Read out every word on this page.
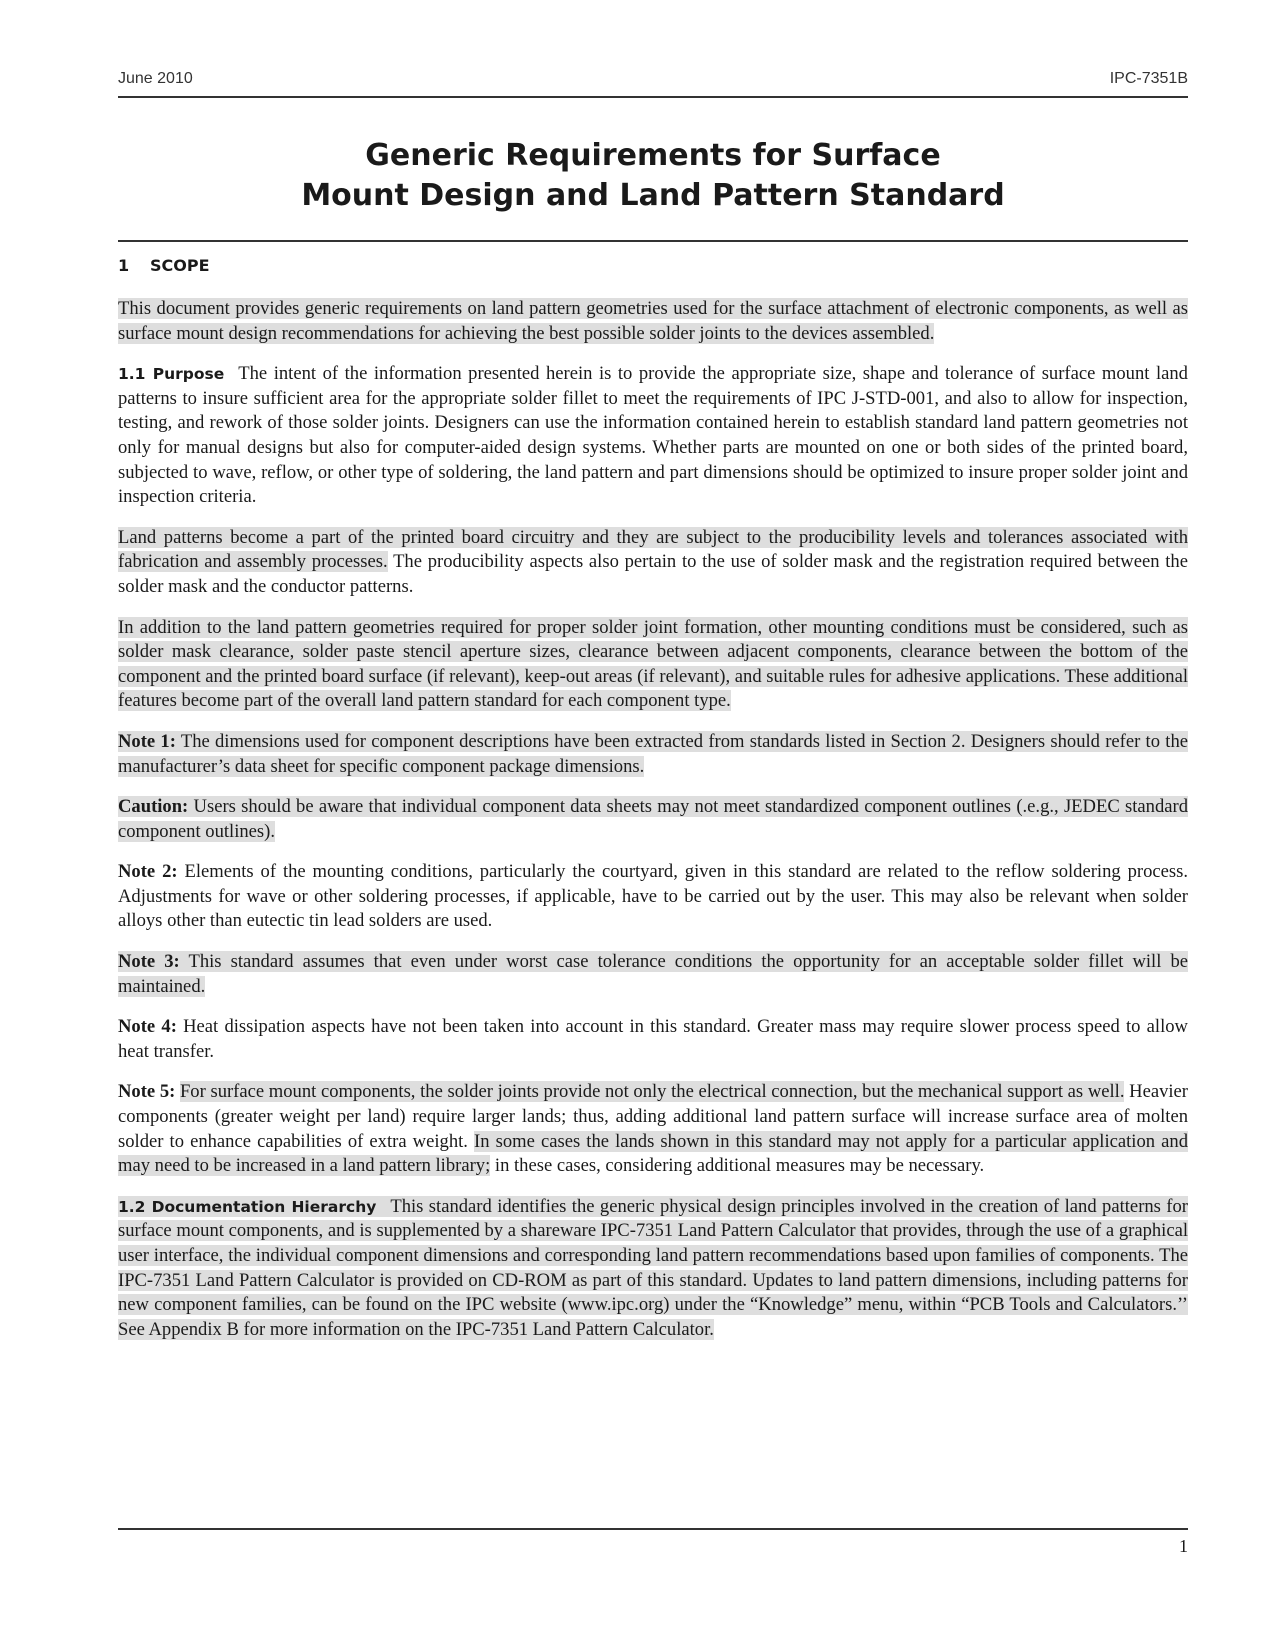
June 2010	IPC-7351B
Generic Requirements for Surface
Mount Design and Land Pattern Standard
1 SCOPE

This document provides generic requirements on land pattern geometries used for the surface attachment of electronic components, as well as surface mount design recommendations for achieving the best possible solder joints to the devices assembled.

1.1 Purpose The intent of the information presented herein is to provide the appropriate size, shape and tolerance of surface mount land patterns to insure sufficient area for the appropriate solder fillet to meet the requirements of IPC J-STD-001, and also to allow for inspection, testing, and rework of those solder joints. Designers can use the information contained herein to establish standard land pattern geometries not only for manual designs but also for computer-aided design systems. Whether parts are mounted on one or both sides of the printed board, subjected to wave, reflow, or other type of soldering, the land pattern and part dimensions should be optimized to insure proper solder joint and inspection criteria.

Land patterns become a part of the printed board circuitry and they are subject to the producibility levels and tolerances associated with fabrication and assembly processes. The producibility aspects also pertain to the use of solder mask and the registration required between the solder mask and the conductor patterns.

In addition to the land pattern geometries required for proper solder joint formation, other mounting conditions must be considered, such as solder mask clearance, solder paste stencil aperture sizes, clearance between adjacent components, clearance between the bottom of the component and the printed board surface (if relevant), keep-out areas (if relevant), and suitable rules for adhesive applications. These additional features become part of the overall land pattern standard for each component type.

Note 1: The dimensions used for component descriptions have been extracted from standards listed in Section 2. Designers should refer to the manufacturer’s data sheet for specific component package dimensions.

Caution: Users should be aware that individual component data sheets may not meet standardized component outlines (.e.g., JEDEC standard component outlines).

Note 2: Elements of the mounting conditions, particularly the courtyard, given in this standard are related to the reflow soldering process. Adjustments for wave or other soldering processes, if applicable, have to be carried out by the user. This may also be relevant when solder alloys other than eutectic tin lead solders are used.

Note 3: This standard assumes that even under worst case tolerance conditions the opportunity for an acceptable solder fillet will be maintained.

Note 4: Heat dissipation aspects have not been taken into account in this standard. Greater mass may require slower process speed to allow heat transfer.

Note 5: For surface mount components, the solder joints provide not only the electrical connection, but the mechanical support as well. Heavier components (greater weight per land) require larger lands; thus, adding additional land pattern surface will increase surface area of molten solder to enhance capabilities of extra weight. In some cases the lands shown in this standard may not apply for a particular application and may need to be increased in a land pattern library; in these cases, considering additional measures may be necessary.

1.2 Documentation Hierarchy This standard identifies the generic physical design principles involved in the creation of land patterns for surface mount components, and is supplemented by a shareware IPC-7351 Land Pattern Calculator that provides, through the use of a graphical user interface, the individual component dimensions and corresponding land pattern recommendations based upon families of components. The IPC-7351 Land Pattern Calculator is provided on CD-ROM as part of this standard. Updates to land pattern dimensions, including patterns for new component families, can be found on the IPC website (www.ipc.org) under the “Knowledge” menu, within “PCB Tools and Calculators.’’ See Appendix B for more information on the IPC-7351 Land Pattern Calculator.

1
